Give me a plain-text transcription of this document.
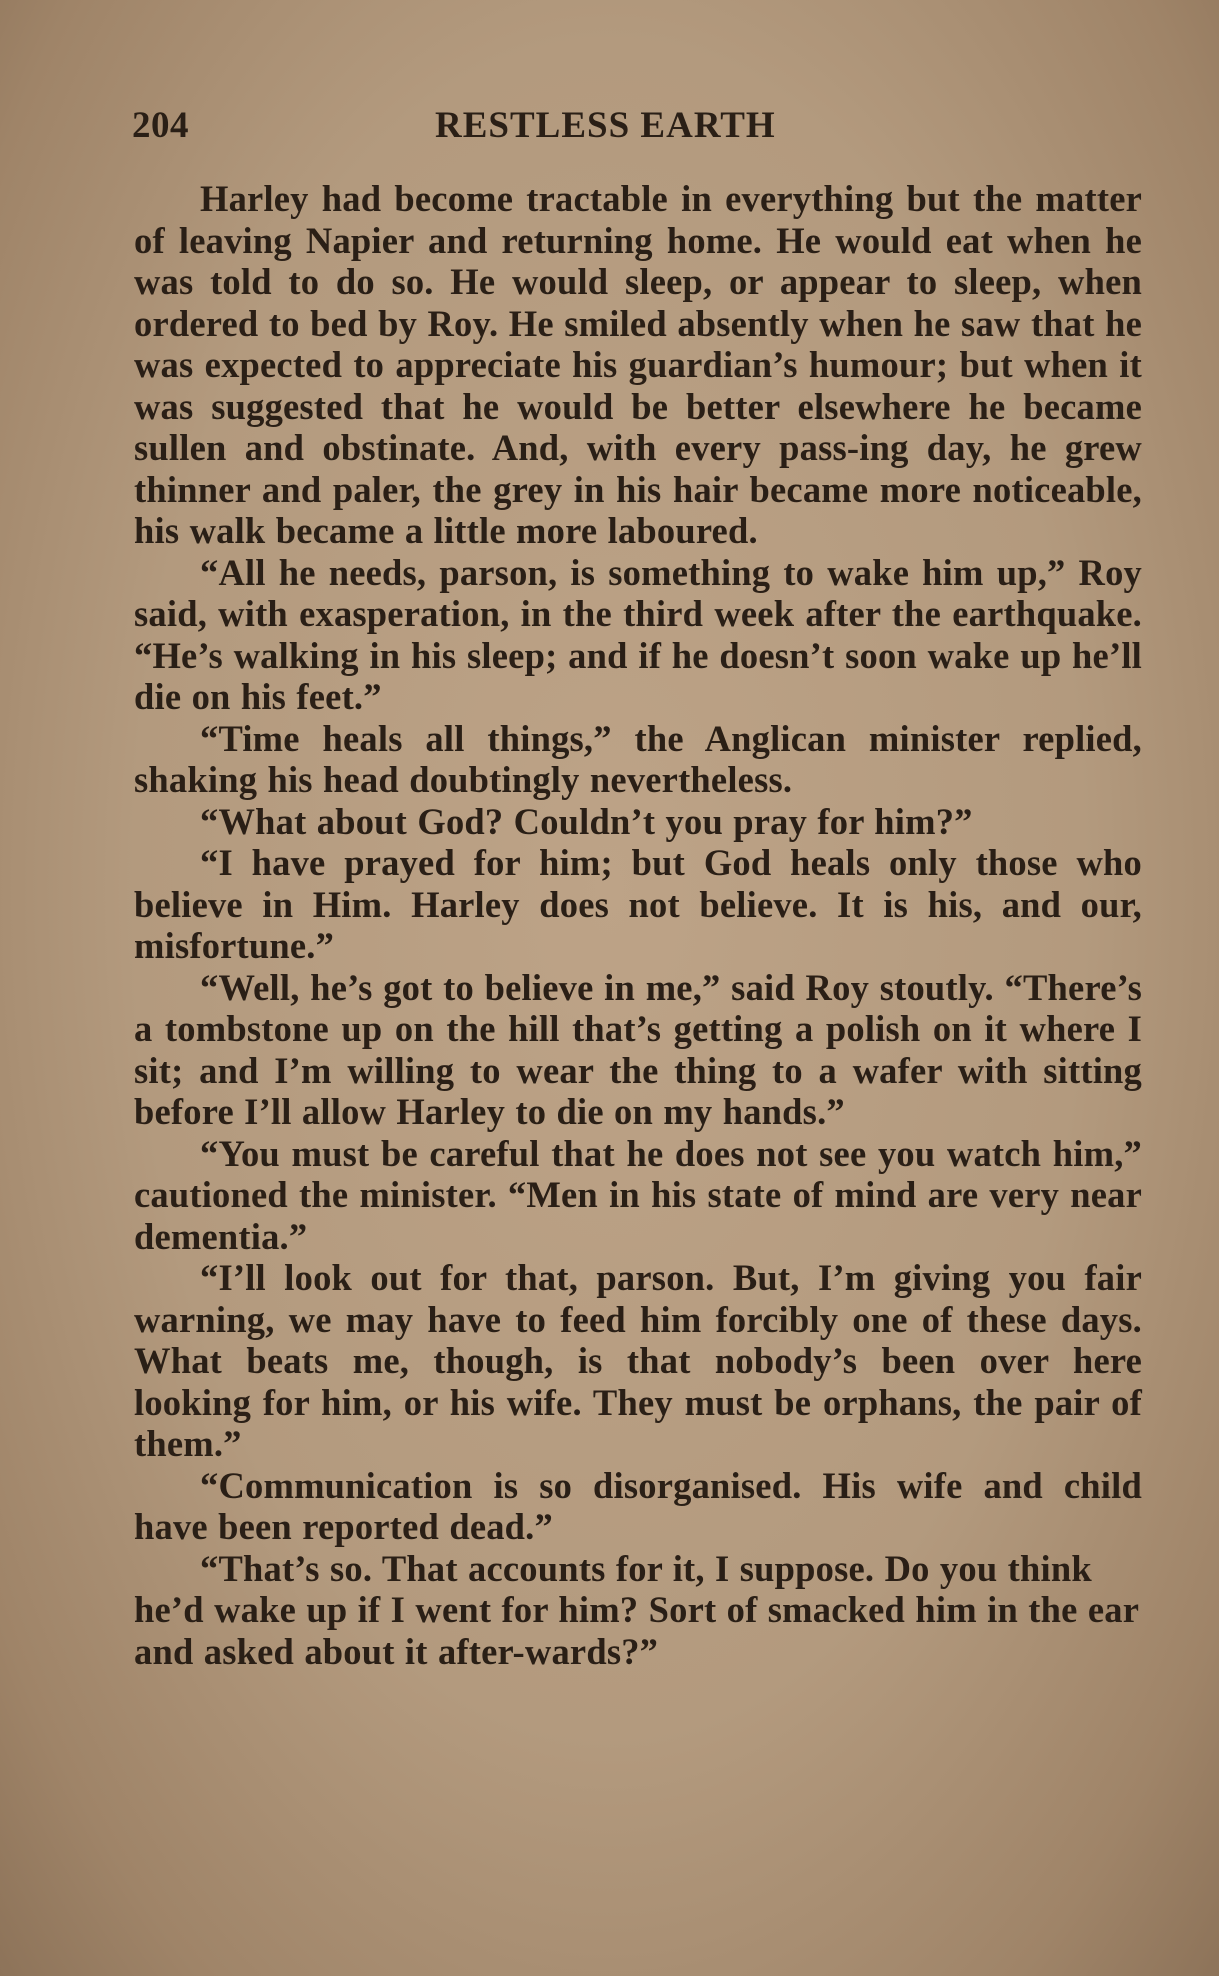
204	RESTLESS EARTH

Harley had become tractable in everything but the matter of leaving Napier and returning home. He would eat when he was told to do so. He would sleep, or appear to sleep, when ordered to bed by Roy. He smiled absently when he saw that he was expected to appreciate his guardian’s humour; but when it was suggested that he would be better elsewhere he became sullen and obstinate. And, with every pass-ing day, he grew thinner and paler, the grey in his hair became more noticeable, his walk became a little more laboured.

“All he needs, parson, is something to wake him up,” Roy said, with exasperation, in the third week after the earthquake. “He’s walking in his sleep; and if he doesn’t soon wake up he’ll die on his feet.”

“Time heals all things,” the Anglican minister replied, shaking his head doubtingly nevertheless.

“What about God? Couldn’t you pray for him?”

“I have prayed for him; but God heals only those who believe in Him. Harley does not believe. It is his, and our, misfortune.”

“Well, he’s got to believe in me,” said Roy stoutly. “There’s a tombstone up on the hill that’s getting a polish on it where I sit; and I’m willing to wear the thing to a wafer with sitting before I’ll allow Harley to die on my hands.”

“You must be careful that he does not see you watch him,” cautioned the minister. “Men in his state of mind are very near dementia.”

“I’ll look out for that, parson. But, I’m giving you fair warning, we may have to feed him forcibly one of these days. What beats me, though, is that nobody’s been over here looking for him, or his wife. They must be orphans, the pair of them.”

“Communication is so disorganised. His wife and child have been reported dead.”

“That’s so. That accounts for it, I suppose. Do you think he’d wake up if I went for him? Sort of smacked him in the ear and asked about it after-wards?”
